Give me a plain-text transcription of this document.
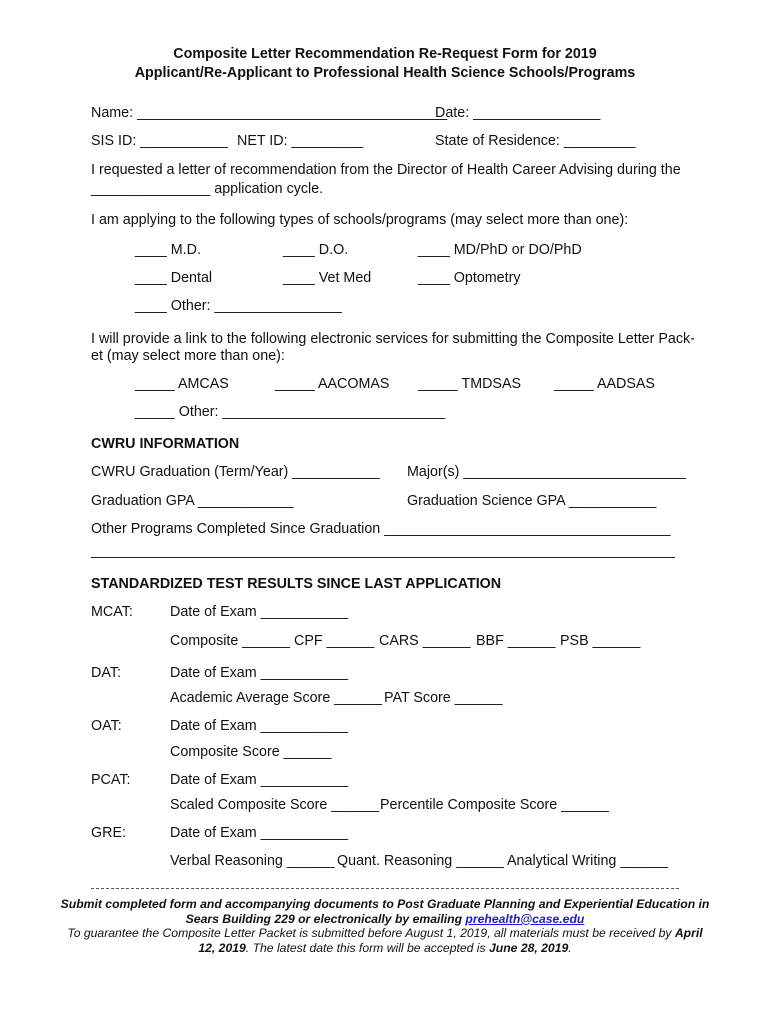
Composite Letter Recommendation Re-Request Form for 2019
Applicant/Re-Applicant to Professional Health Science Schools/Programs
Name: _______________________________________
Date: ________________
SIS ID: ___________ NET ID: _________	State of Residence: _________
I requested a letter of recommendation from the Director of Health Career Advising during the
_______________ application cycle.
I am applying to the following types of schools/programs (may select more than one):
____ M.D.	____ D.O.	____ MD/PhD or DO/PhD
____ Dental	____ Vet Med	____ Optometry
____ Other: ________________
I will provide a link to the following electronic services for submitting the Composite Letter Pack-
et (may select more than one):
_____ AMCAS	_____ AACOMAS _____ TMDSAS _____ AADSAS
_____ Other: ____________________________
CWRU INFORMATION
CWRU Graduation (Term/Year) ___________ Major(s) ____________________________
Graduation GPA ____________	Graduation Science GPA ___________
Other Programs Completed Since Graduation ____________________________________
STANDARDIZED TEST RESULTS SINCE LAST APPLICATION
MCAT:	Date of Exam ___________
Composite ______ CPF ______ CARS ______ BBF ______ PSB ______
DAT:	Date of Exam ___________
Academic Average Score ______ PAT Score ______
OAT:	Date of Exam ___________
Composite Score ______
PCAT:	Date of Exam ___________
Scaled Composite Score ______ Percentile Composite Score ______
GRE:	Date of Exam ___________
Verbal Reasoning ______ Quant. Reasoning ______ Analytical Writing ______
Submit completed form and accompanying documents to Post Graduate Planning and Experiential Education in Sears Building 229 or electronically by emailing prehealth@case.edu
To guarantee the Composite Letter Packet is submitted before August 1, 2019, all materials must be received by April 12, 2019. The latest date this form will be accepted is June 28, 2019.
